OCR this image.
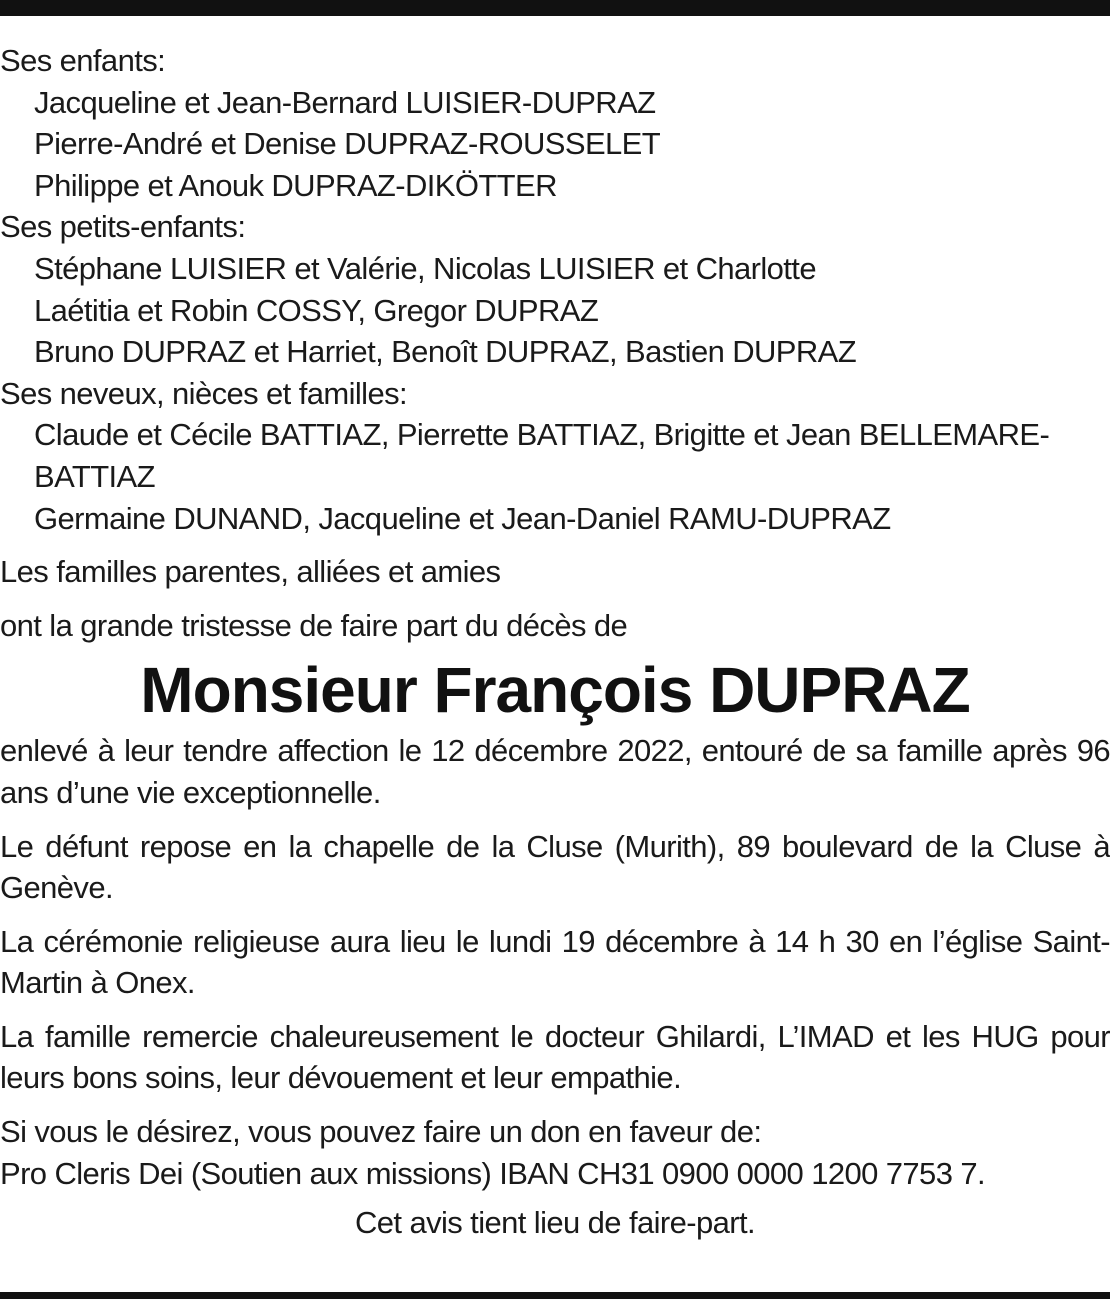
Ses enfants:
Jacqueline et Jean-Bernard LUISIER-DUPRAZ
Pierre-André et Denise DUPRAZ-ROUSSELET
Philippe et Anouk DUPRAZ-DIKÖTTER
Ses petits-enfants:
Stéphane LUISIER et Valérie, Nicolas LUISIER et Charlotte
Laétitia et Robin COSSY, Gregor DUPRAZ
Bruno DUPRAZ et Harriet, Benoît DUPRAZ, Bastien DUPRAZ
Ses neveux, nièces et familles:
Claude et Cécile BATTIAZ, Pierrette BATTIAZ, Brigitte et Jean BELLEMARE-BATTIAZ
Germaine DUNAND, Jacqueline et Jean-Daniel RAMU-DUPRAZ
Les familles parentes, alliées et amies
ont la grande tristesse de faire part du décès de
Monsieur François DUPRAZ
enlevé à leur tendre affection le 12 décembre 2022, entouré de sa famille après 96 ans d’une vie exceptionnelle.
Le défunt repose en la chapelle de la Cluse (Murith), 89 boulevard de la Cluse à Genève.
La cérémonie religieuse aura lieu le lundi 19 décembre à 14 h 30 en l’église Saint-Martin à Onex.
La famille remercie chaleureusement le docteur Ghilardi, L’IMAD et les HUG pour leurs bons soins, leur dévouement et leur empathie.
Si vous le désirez, vous pouvez faire un don en faveur de:
Pro Cleris Dei (Soutien aux missions) IBAN CH31 0900 0000 1200 7753 7.
Cet avis tient lieu de faire-part.
